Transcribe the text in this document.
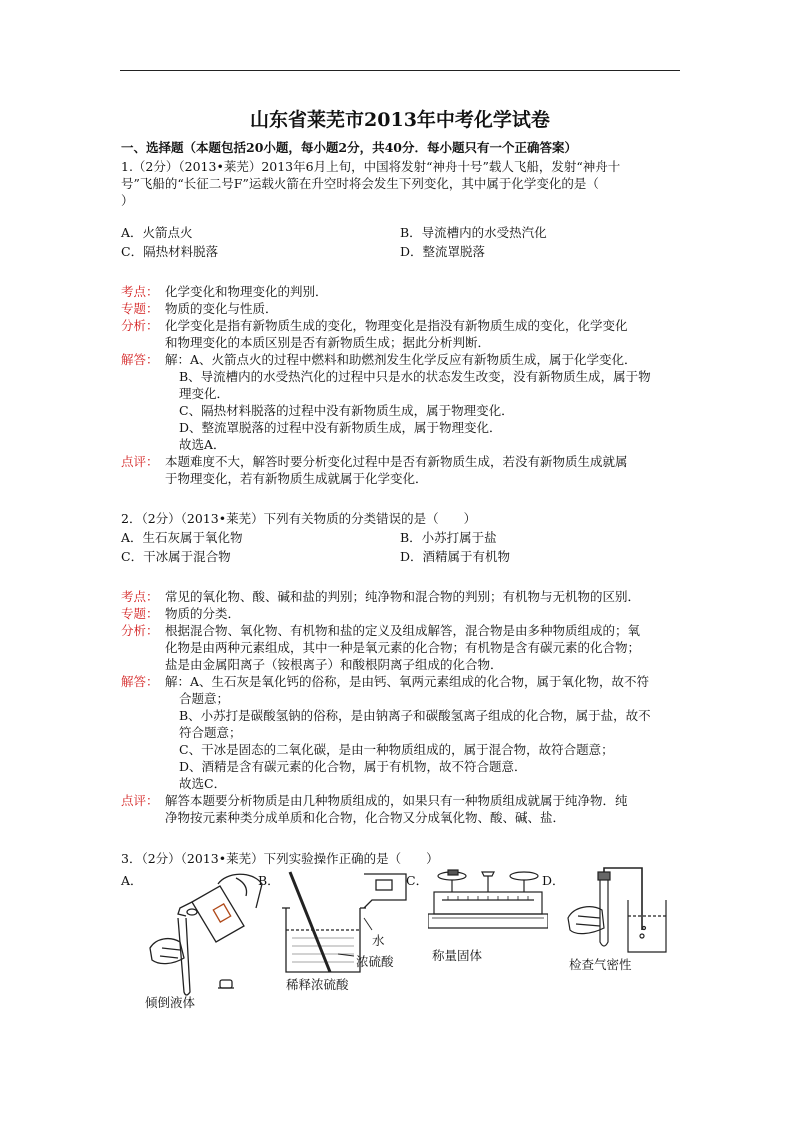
山东省莱芜市2013年中考化学试卷
一、选择题（本题包括20小题，每小题2分，共40分．每小题只有一个正确答案）
1.（2分）（2013•莱芜）2013年6月上旬，中国将发射“神舟十号”载人飞船，发射“神舟十
号”飞船的“长征二号F”运载火箭在升空时将会发生下列变化，其中属于化学变化的是（
）
A．火箭点火	B．导流槽内的水受热汽化
C．隔热材料脱落	D．整流罩脱落
考点： 化学变化和物理变化的判别．
专题： 物质的变化与性质．
分析： 化学变化是指有新物质生成的变化，物理变化是指没有新物质生成的变化，化学变化
和物理变化的本质区别是否有新物质生成；据此分析判断．
解答： 解：A、火箭点火的过程中燃料和助燃剂发生化学反应有新物质生成，属于化学变化．
B、导流槽内的水受热汽化的过程中只是水的状态发生改变，没有新物质生成，属于物
理变化．
C、隔热材料脱落的过程中没有新物质生成，属于物理变化．
D、整流罩脱落的过程中没有新物质生成，属于物理变化．
故选A．
点评： 本题难度不大，解答时要分析变化过程中是否有新物质生成，若没有新物质生成就属
于物理变化，若有新物质生成就属于化学变化．
2．（2分）（2013•莱芜）下列有关物质的分类错误的是（　　）
A．生石灰属于氧化物	B．小苏打属于盐
C．干冰属于混合物	D．酒精属于有机物
考点： 常见的氧化物、酸、碱和盐的判别；纯净物和混合物的判别；有机物与无机物的区别．
专题： 物质的分类．
分析： 根据混合物、氧化物、有机物和盐的定义及组成解答，混合物是由多种物质组成的；氧
化物是由两种元素组成，其中一种是氧元素的化合物；有机物是含有碳元素的化合物；
盐是由金属阳离子（铵根离子）和酸根阴离子组成的化合物．
解答： 解：A、生石灰是氧化钙的俗称，是由钙、氧两元素组成的化合物，属于氧化物，故不符
合题意；
B、小苏打是碳酸氢钠的俗称，是由钠离子和碳酸氢离子组成的化合物，属于盐，故不
符合题意；
C、干冰是固态的二氧化碳，是由一种物质组成的，属于混合物，故符合题意；
D、酒精是含有碳元素的化合物，属于有机物，故不符合题意．
故选C．
点评： 解答本题要分析物质是由几种物质组成的，如果只有一种物质组成就属于纯净物．纯
净物按元素种类分成单质和化合物，化合物又分成氧化物、酸、碱、盐．
3．（2分）（2013•莱芜）下列实验操作正确的是（　　）
A．	B．	C．	D．
倾倒液体
水
浓硫酸
稀释浓硫酸
称量固体
检查气密性
